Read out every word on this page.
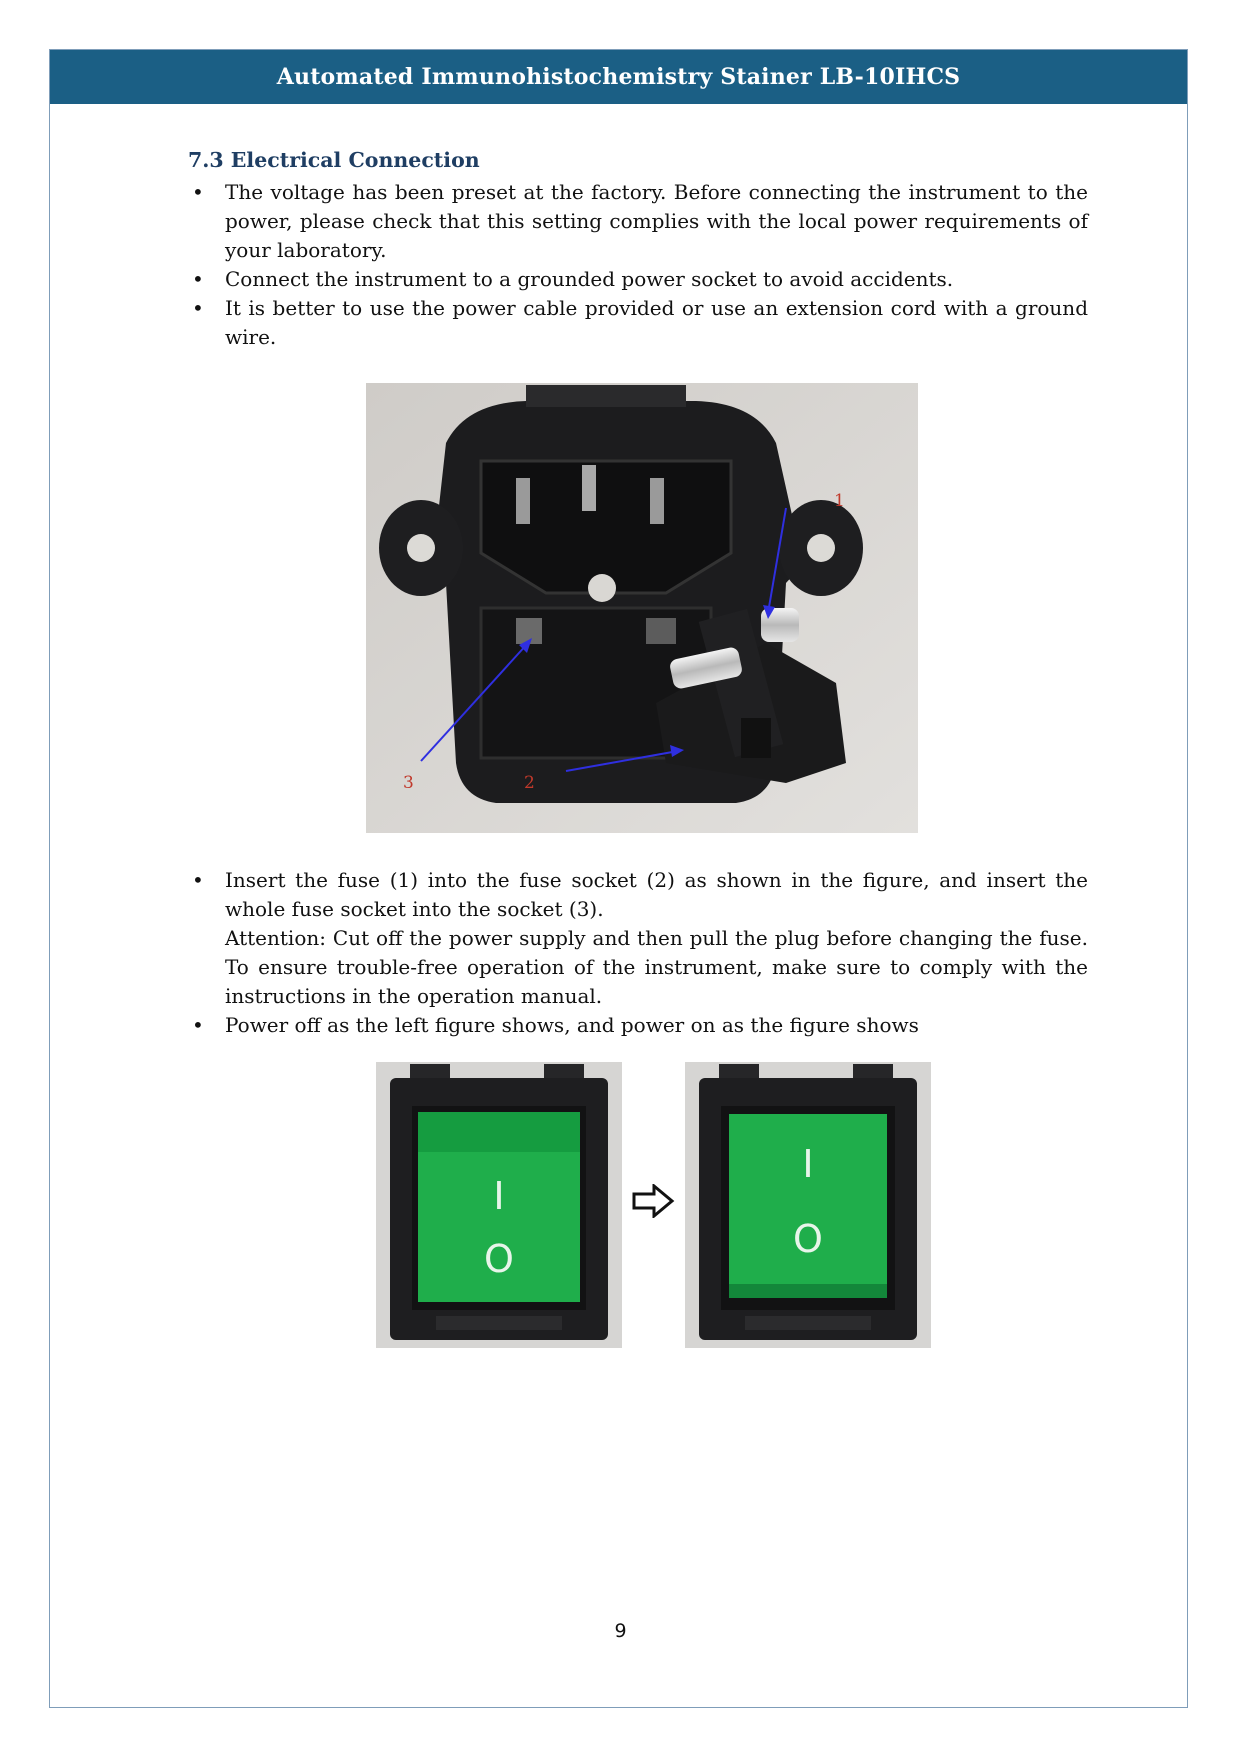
Automated Immunohistochemistry Stainer LB-10IHCS
7.3 Electrical Connection
• The voltage has been preset at the factory. Before connecting the instrument to the power, please check that this setting complies with the local power requirements of your laboratory.
• Connect the instrument to a grounded power socket to avoid accidents.
• It is better to use the power cable provided or use an extension cord with a ground wire.
1
2
3
• Insert the fuse (1) into the fuse socket (2) as shown in the figure, and insert the whole fuse socket into the socket (3).
Attention: Cut off the power supply and then pull the plug before changing the fuse. To ensure trouble-free operation of the instrument, make sure to comply with the instructions in the operation manual.
• Power off as the left figure shows, and power on as the figure shows
I
O
I
O
9
